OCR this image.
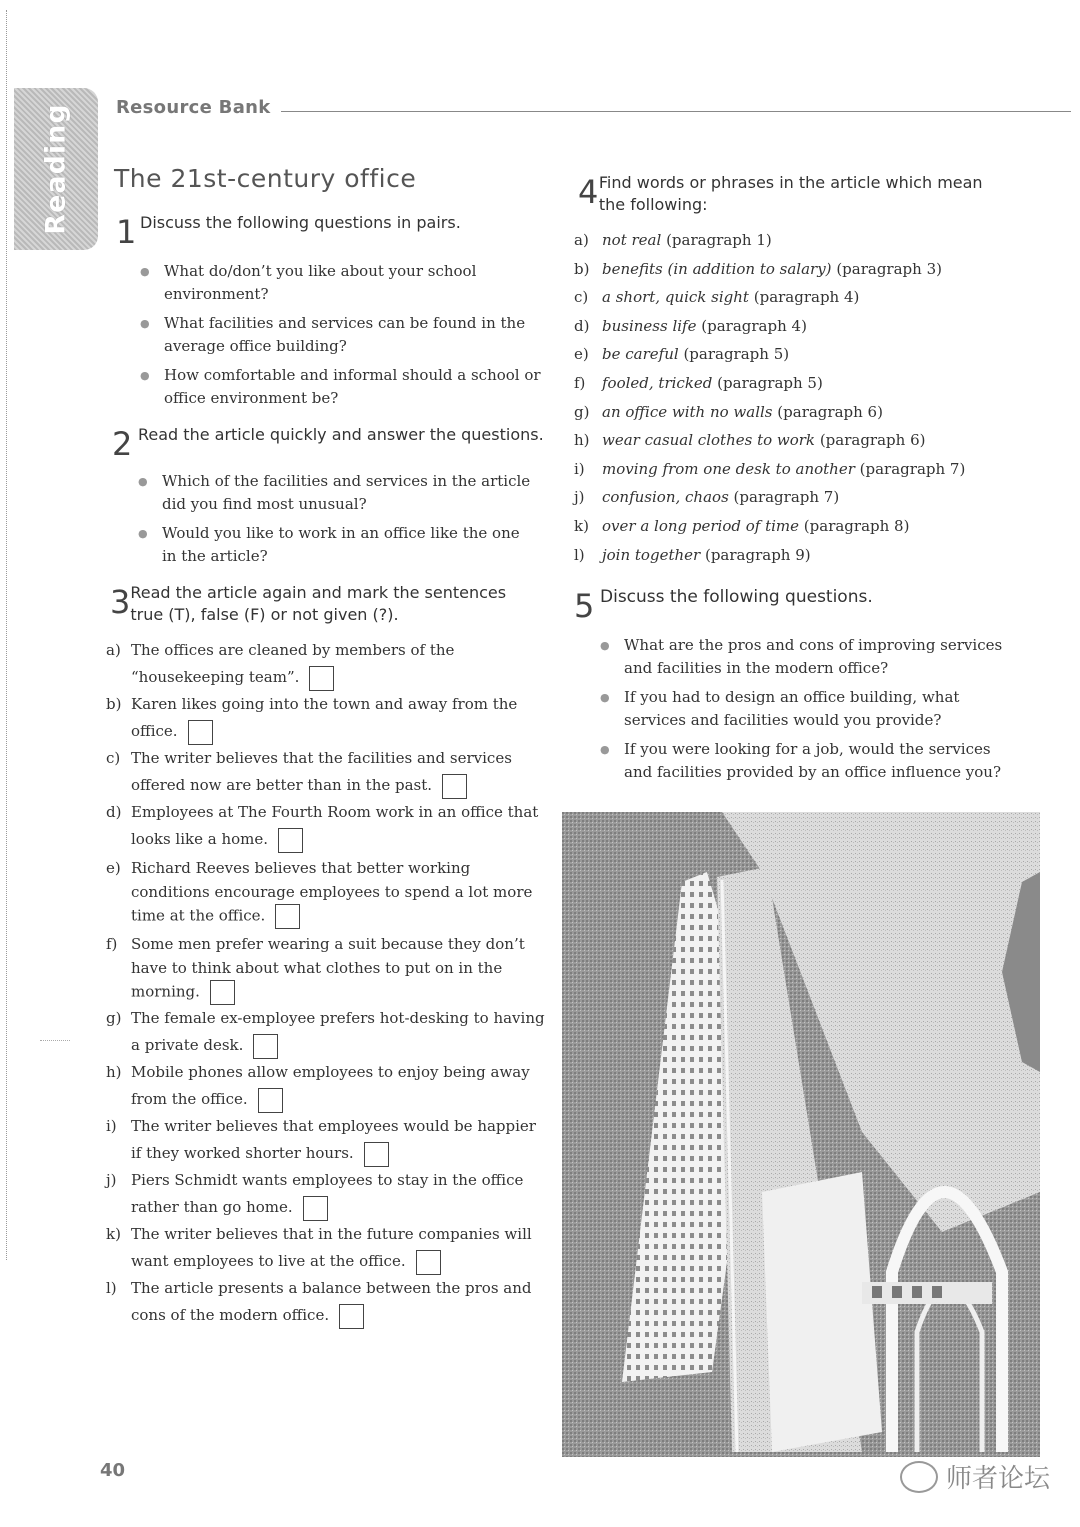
Reading Resource Bank
The 21st-century office
1 Discuss the following questions in pairs.
● What do/don’t you like about your school environment?
● What facilities and services can be found in the average office building?
● How comfortable and informal should a school or office environment be?
2 Read the article quickly and answer the questions.
● Which of the facilities and services in the article did you find most unusual?
● Would you like to work in an office like the one in the article?
3 Read the article again and mark the sentences true (T), false (F) or not given (?).
a) The offices are cleaned by members of the “housekeeping team”.
b) Karen likes going into the town and away from the office.
c) The writer believes that the facilities and services offered now are better than in the past.
d) Employees at The Fourth Room work in an office that looks like a home.
e) Richard Reeves believes that better working conditions encourage employees to spend a lot more time at the office.
f) Some men prefer wearing a suit because they don’t have to think about what clothes to put on in the morning.
g) The female ex-employee prefers hot-desking to having a private desk.
h) Mobile phones allow employees to enjoy being away from the office.
i) The writer believes that employees would be happier if they worked shorter hours.
j) Piers Schmidt wants employees to stay in the office rather than go home.
k) The writer believes that in the future companies will want employees to live at the office.
l) The article presents a balance between the pros and cons of the modern office.
4 Find words or phrases in the article which mean the following:
a) not real (paragraph 1)
b) benefits (in addition to salary) (paragraph 3)
c) a short, quick sight (paragraph 4)
d) business life (paragraph 4)
e) be careful (paragraph 5)
f) fooled, tricked (paragraph 5)
g) an office with no walls (paragraph 6)
h) wear casual clothes to work (paragraph 6)
i) moving from one desk to another (paragraph 7)
j) confusion, chaos (paragraph 7)
k) over a long period of time (paragraph 8)
l) join together (paragraph 9)
5 Discuss the following questions.
● What are the pros and cons of improving services and facilities in the modern office?
● If you had to design an office building, what services and facilities would you provide?
● If you were looking for a job, would the services and facilities provided by an office influence you?
40	师者论坛
